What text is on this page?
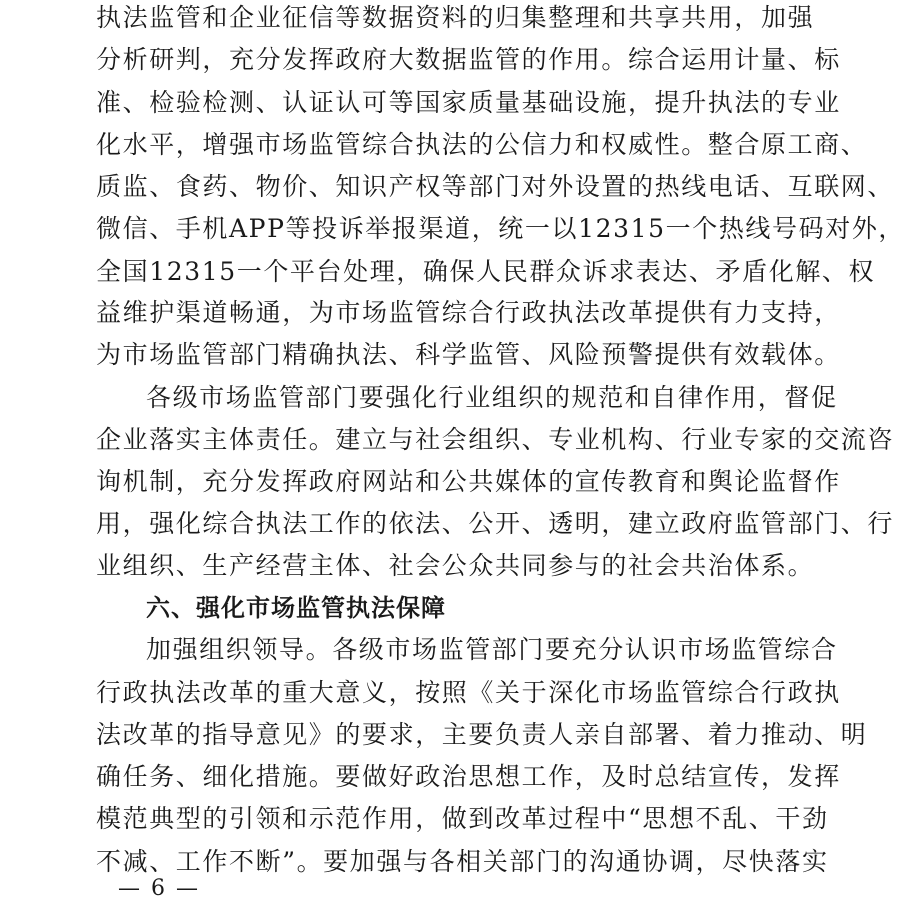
执法监管和企业征信等数据资料的归集整理和共享共用，加强
分析研判，充分发挥政府大数据监管的作用。综合运用计量、标
准、检验检测、认证认可等国家质量基础设施，提升执法的专业
化水平，增强市场监管综合执法的公信力和权威性。整合原工商、
质监、食药、物价、知识产权等部门对外设置的热线电话、互联网、
微信、手机APP等投诉举报渠道，统一以12315一个热线号码对外，
全国12315一个平台处理，确保人民群众诉求表达、矛盾化解、权
益维护渠道畅通，为市场监管综合行政执法改革提供有力支持，
为市场监管部门精确执法、科学监管、风险预警提供有效载体。
各级市场监管部门要强化行业组织的规范和自律作用，督促
企业落实主体责任。建立与社会组织、专业机构、行业专家的交流咨
询机制，充分发挥政府网站和公共媒体的宣传教育和舆论监督作
用，强化综合执法工作的依法、公开、透明，建立政府监管部门、行
业组织、生产经营主体、社会公众共同参与的社会共治体系。
六、强化市场监管执法保障
加强组织领导。各级市场监管部门要充分认识市场监管综合
行政执法改革的重大意义，按照《关于深化市场监管综合行政执
法改革的指导意见》的要求，主要负责人亲自部署、着力推动、明
确任务、细化措施。要做好政治思想工作，及时总结宣传，发挥
模范典型的引领和示范作用，做到改革过程中“思想不乱、干劲
不减、工作不断”。要加强与各相关部门的沟通协调，尽快落实
— 6 —
